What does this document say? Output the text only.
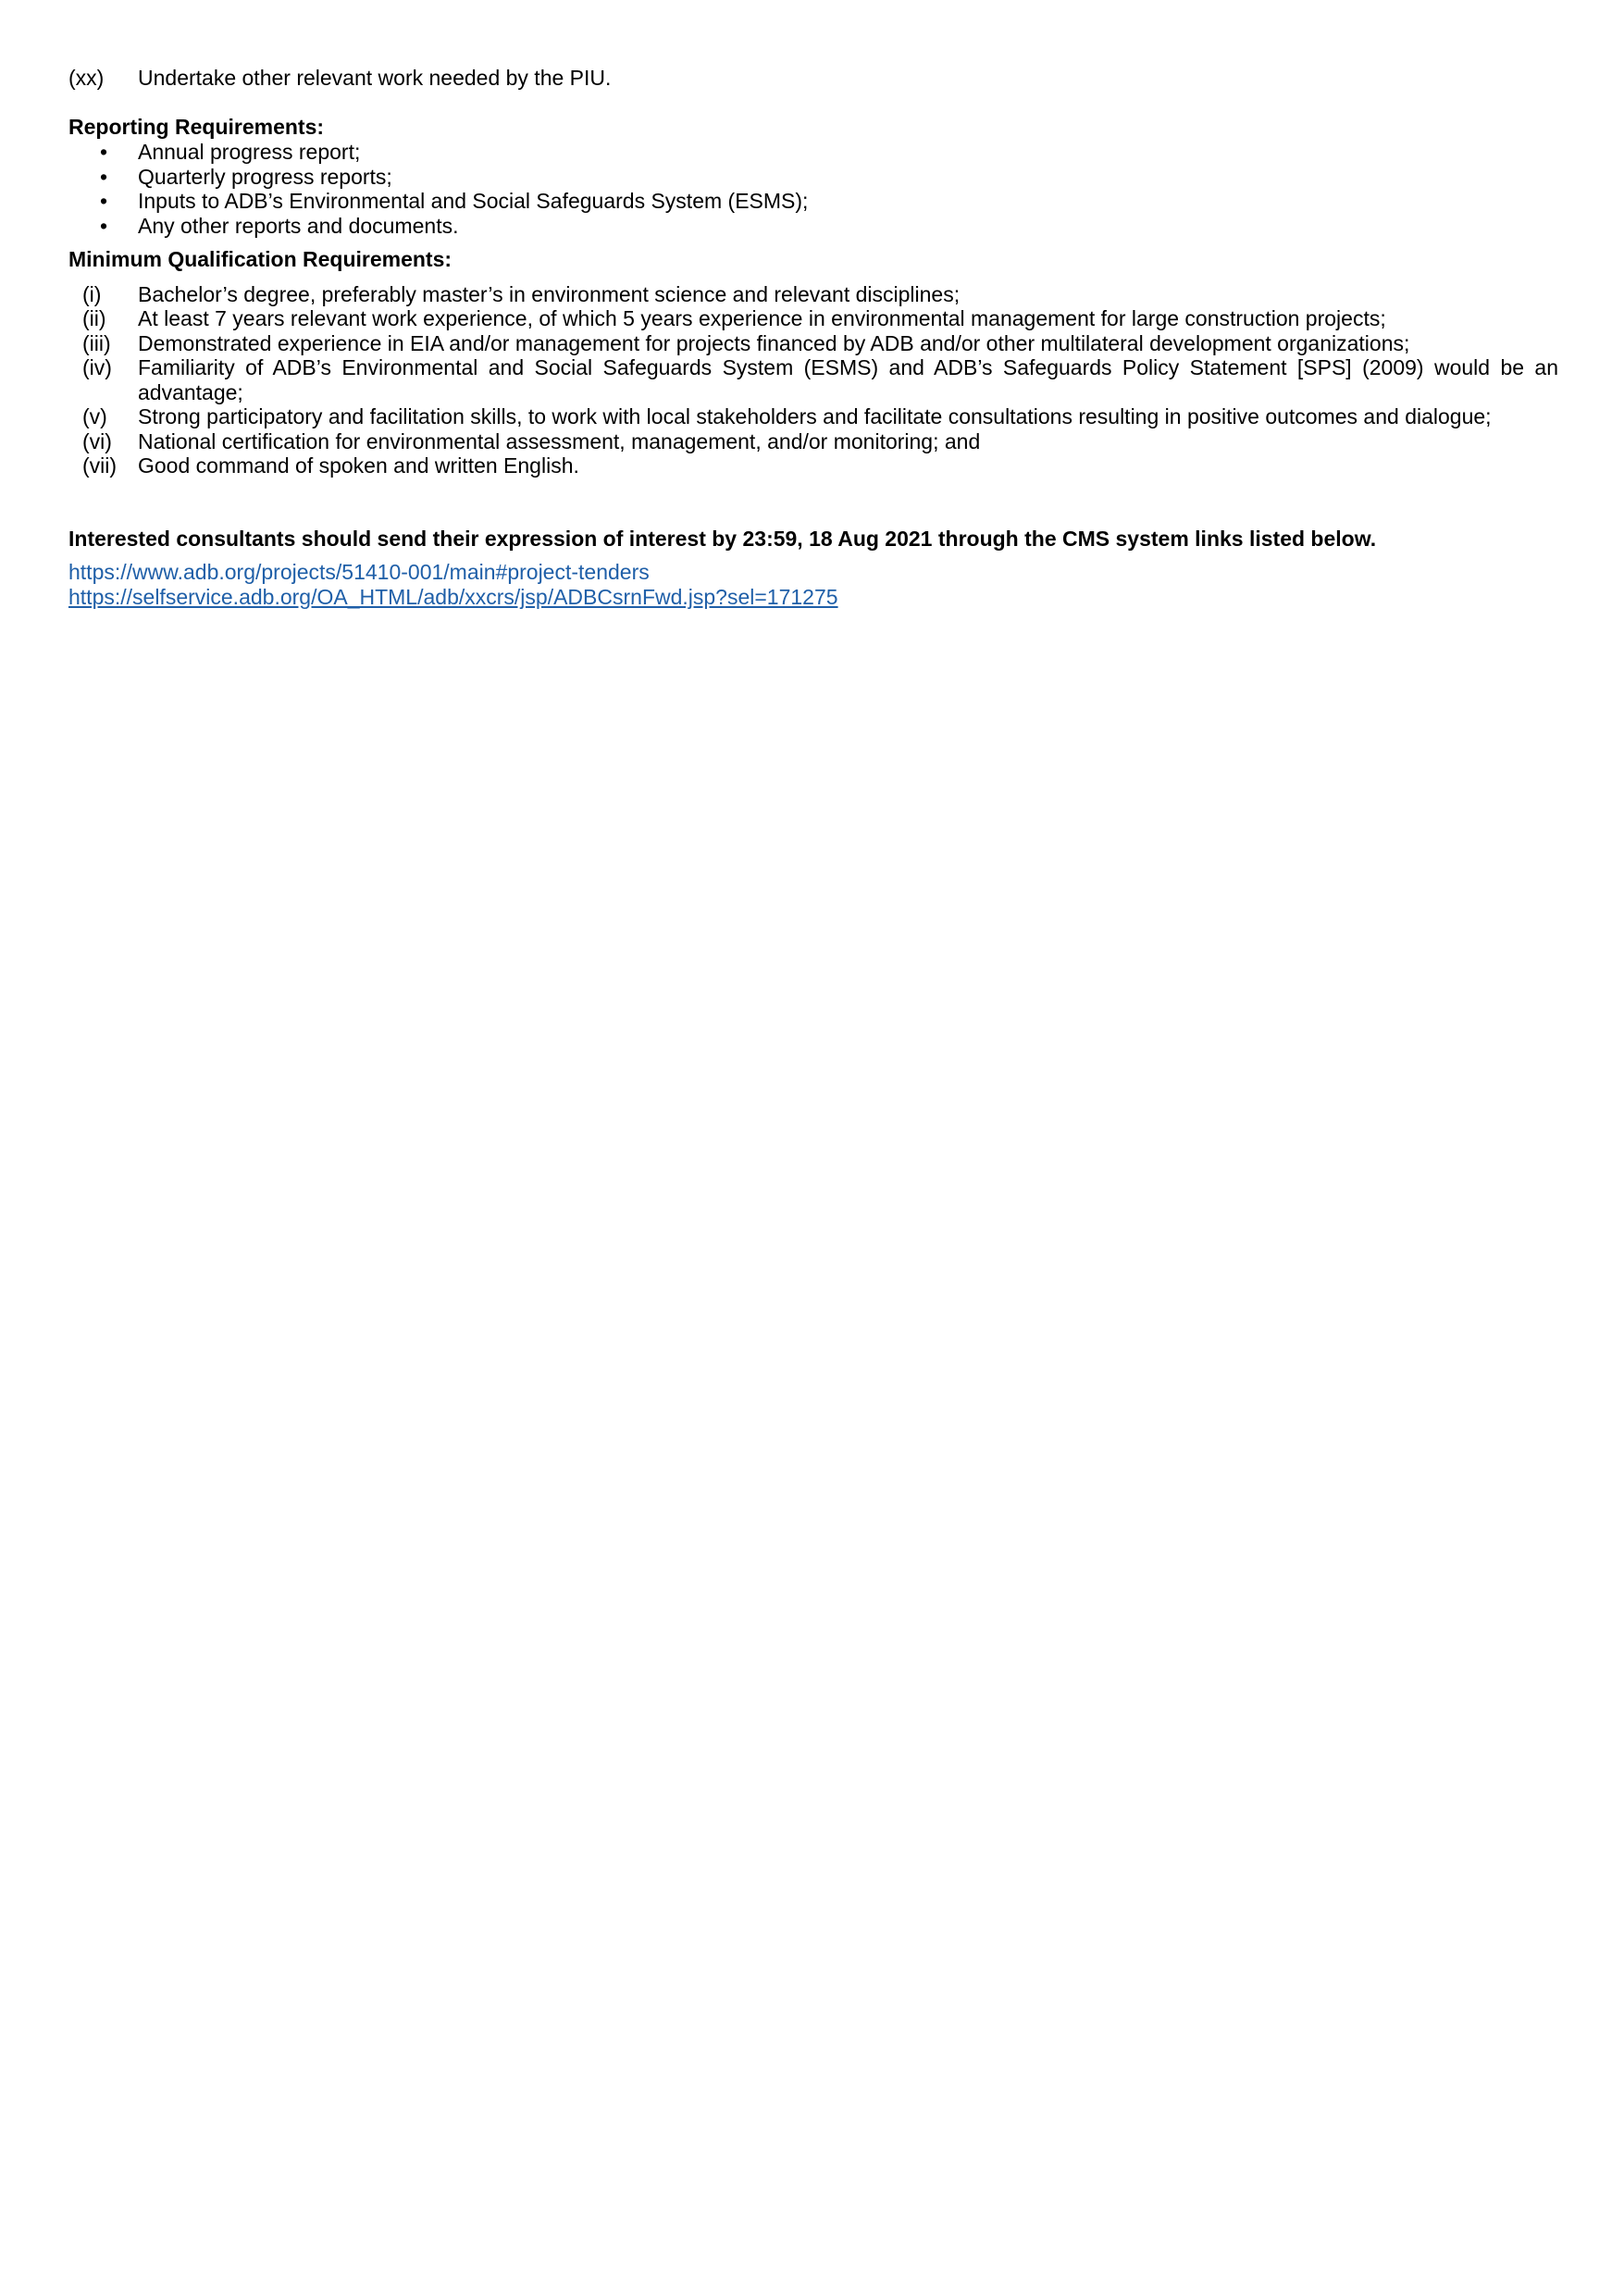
(xx)	Undertake other relevant work needed by the PIU.
Reporting Requirements:
•	Annual progress report;
•	Quarterly progress reports;
•	Inputs to ADB’s Environmental and Social Safeguards System (ESMS);
•	Any other reports and documents.
Minimum Qualification Requirements:
(i)	Bachelor’s degree, preferably master’s in environment science and relevant disciplines;
(ii)	At least 7 years relevant work experience, of which 5 years experience in environmental management for large construction projects;
(iii)	Demonstrated experience in EIA and/or management for projects financed by ADB and/or other multilateral development organizations;
(iv)	Familiarity of ADB’s Environmental and Social Safeguards System (ESMS) and ADB’s Safeguards Policy Statement [SPS] (2009) would be an advantage;
(v)	Strong participatory and facilitation skills, to work with local stakeholders and facilitate consultations resulting in positive outcomes and dialogue;
(vi)	National certification for environmental assessment, management, and/or monitoring; and
(vii) Good command of spoken and written English.
Interested consultants should send their expression of interest by 23:59, 18 Aug 2021 through the CMS system links listed below.
https://www.adb.org/projects/51410-001/main#project-tenders
https://selfservice.adb.org/OA_HTML/adb/xxcrs/jsp/ADBCsrnFwd.jsp?sel=171275
